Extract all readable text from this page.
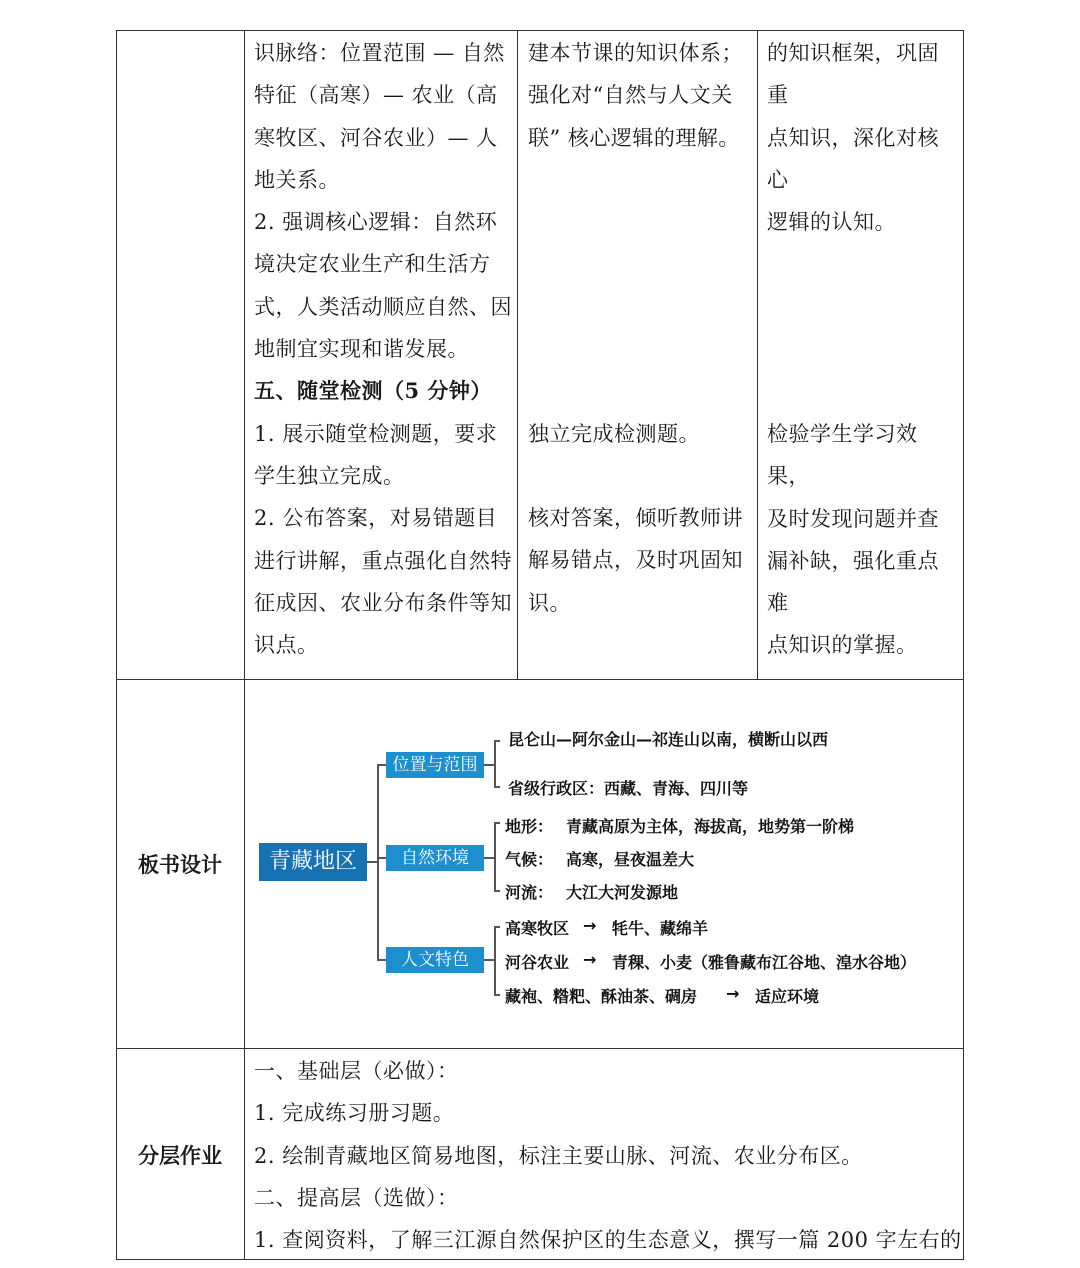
识脉络：位置范围 — 自然

特征（高寒）— 农业（高

寒牧区、河谷农业）— 人

地关系。

2. 强调核心逻辑：自然环

境决定农业生产和生活方

式，人类活动顺应自然、因

地制宜实现和谐发展。

五、随堂检测（5 分钟）

1. 展示随堂检测题，要求

学生独立完成。

2. 公布答案，对易错题目

进行讲解，重点强化自然特

征成因、农业分布条件等知

识点。

建本节课的知识体系；

强化对“自然与人文关

联” 核心逻辑的理解。

独立完成检测题。

核对答案，倾听教师讲

解易错点，及时巩固知

识。

的知识框架，巩固重

点知识，深化对核心

逻辑的认知。

检验学生学习效果，

及时发现问题并查

漏补缺，强化重点难

点知识的掌握。

板书设计	青藏地区
位置与范围
昆仑山—阿尔金山—祁连山以南，横断山以西
省级行政区：西藏、青海、四川等
自然环境
地形： 青藏高原为主体，海拔高，地势第一阶梯
气候： 高寒，昼夜温差大
河流： 大江大河发源地
人文特色
高寒牧区 → 牦牛、藏绵羊
河谷农业 → 青稞、小麦（雅鲁藏布江谷地、湟水谷地）
藏袍、糌粑、酥油茶、碉房 → 适应环境
分层作业

一、基础层（必做）：

1. 完成练习册习题。

2. 绘制青藏地区简易地图，标注主要山脉、河流、农业分布区。

二、提高层（选做）：

1. 查阅资料，了解三江源自然保护区的生态意义，撰写一篇 200 字左右的
